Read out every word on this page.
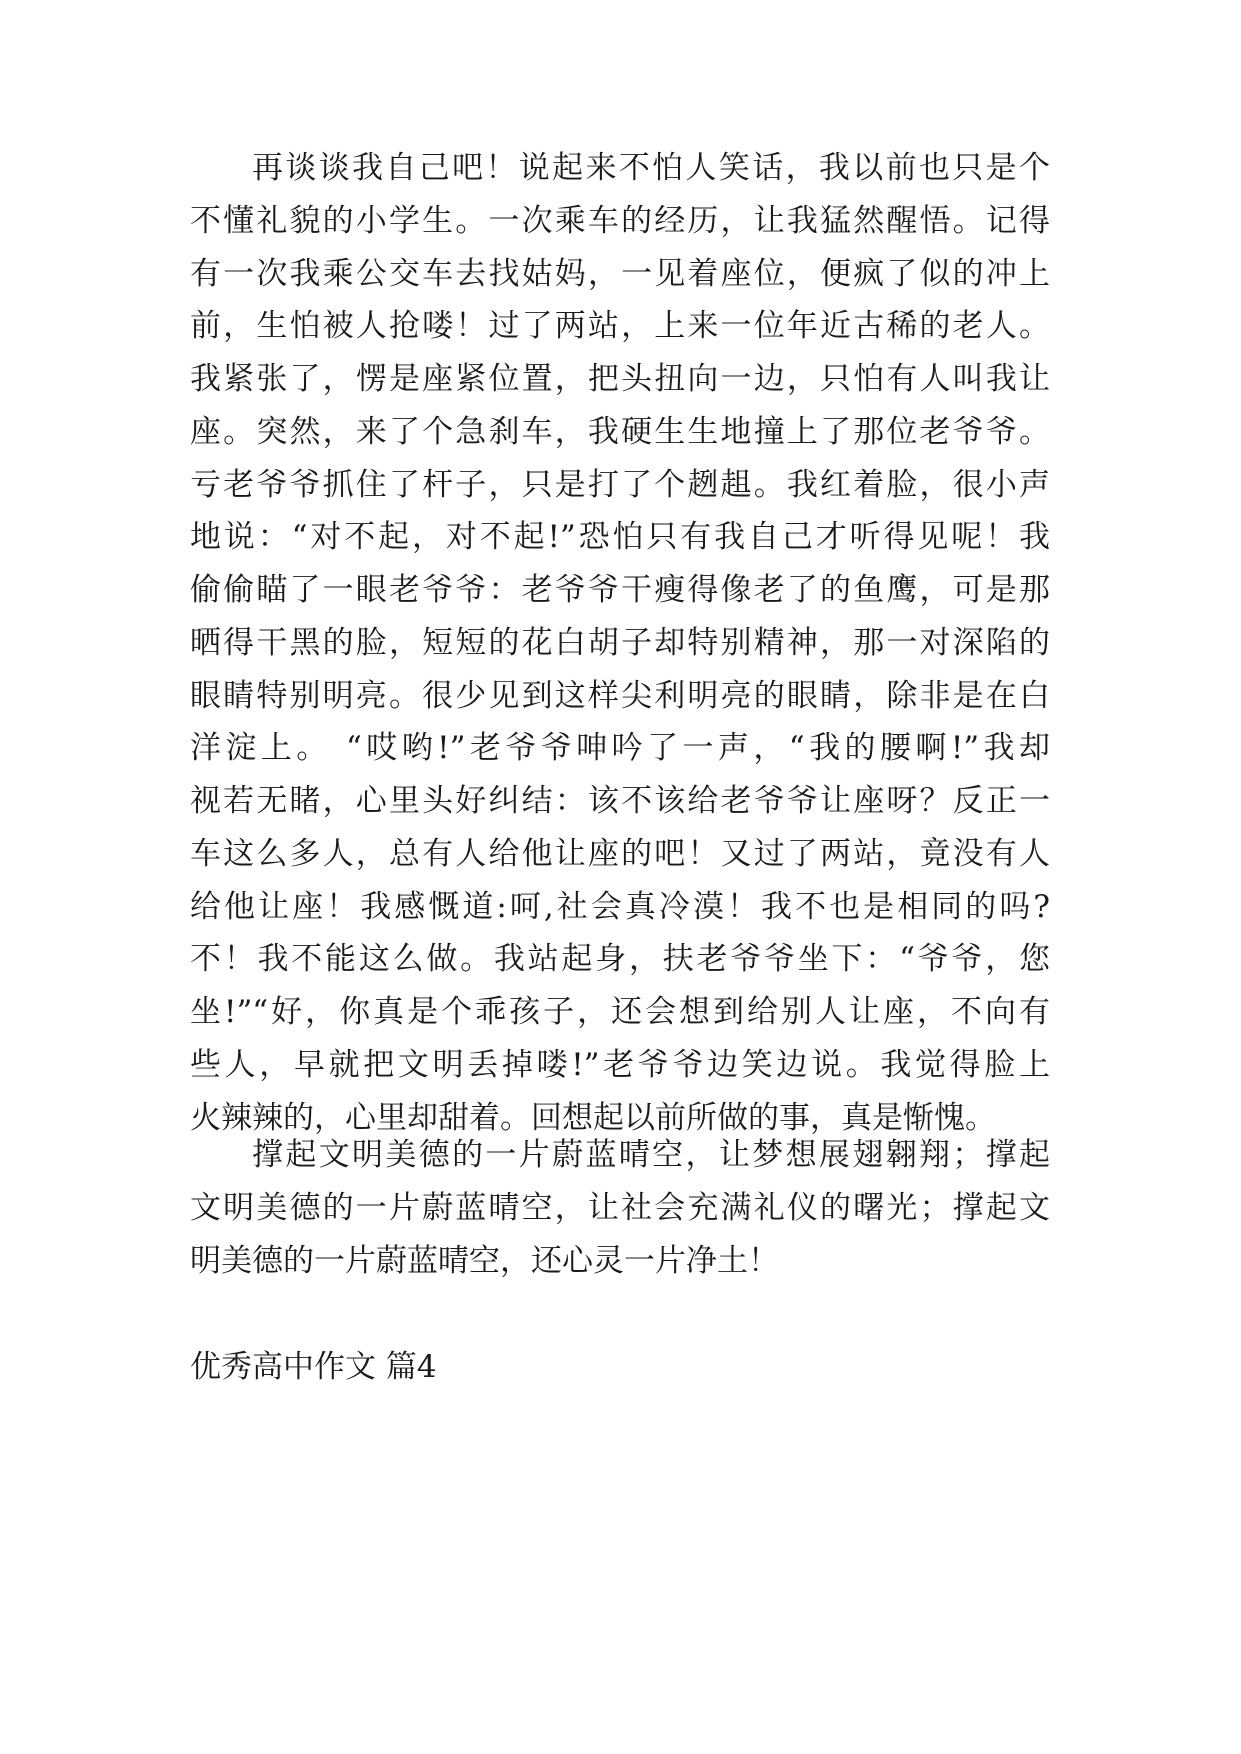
再谈谈我自己吧！说起来不怕人笑话，我以前也只是个
不懂礼貌的小学生。一次乘车的经历，让我猛然醒悟。记得
有一次我乘公交车去找姑妈，一见着座位，便疯了似的冲上
前，生怕被人抢喽！过了两站，上来一位年近古稀的老人。
我紧张了，愣是座紧位置，把头扭向一边，只怕有人叫我让
座。突然，来了个急刹车，我硬生生地撞上了那位老爷爷。
亏老爷爷抓住了杆子，只是打了个趔趄。我红着脸，很小声
地说：“对不起，对不起!”恐怕只有我自己才听得见呢！我
偷偷瞄了一眼老爷爷：老爷爷干瘦得像老了的鱼鹰，可是那
晒得干黑的脸，短短的花白胡子却特别精神，那一对深陷的
眼睛特别明亮。很少见到这样尖利明亮的眼睛，除非是在白
洋淀上。 “哎哟!”老爷爷呻吟了一声，“我的腰啊!”我却
视若无睹，心里头好纠结：该不该给老爷爷让座呀？反正一
车这么多人，总有人给他让座的吧！又过了两站，竟没有人
给他让座！我感慨道:呵,社会真冷漠！我不也是相同的吗?
不！我不能这么做。我站起身，扶老爷爷坐下：“爷爷，您
坐!”“好，你真是个乖孩子，还会想到给别人让座，不向有
些人，早就把文明丢掉喽!”老爷爷边笑边说。我觉得脸上
火辣辣的，心里却甜着。回想起以前所做的事，真是惭愧。
撑起文明美德的一片蔚蓝晴空，让梦想展翅翱翔；撑起
文明美德的一片蔚蓝晴空，让社会充满礼仪的曙光；撑起文
明美德的一片蔚蓝晴空，还心灵一片净土！
优秀高中作文 篇4
